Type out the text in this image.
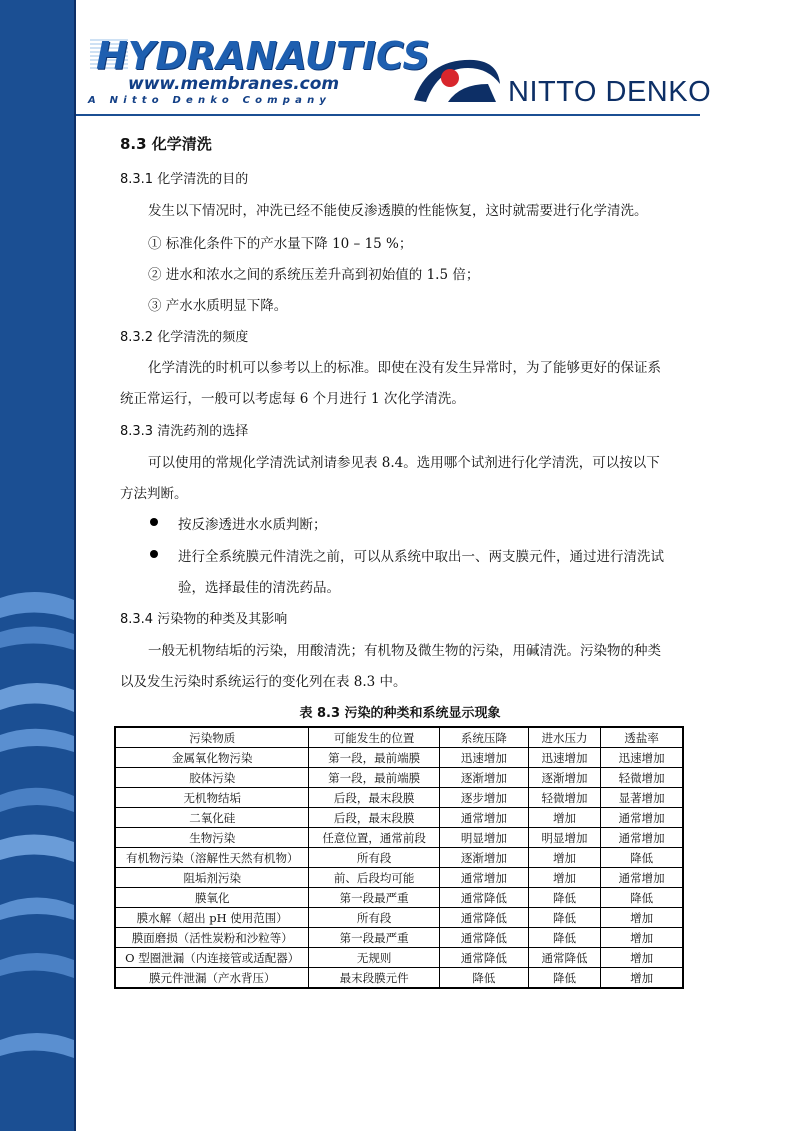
HYDRANAUTICS
www.membranes.com
A Nitto Denko Company	NITTO DENKO
8.3 化学清洗
8.3.1 化学清洗的目的
发生以下情况时，冲洗已经不能使反渗透膜的性能恢复，这时就需要进行化学清洗。
① 标准化条件下的产水量下降 10 – 15 %；
② 进水和浓水之间的系统压差升高到初始值的 1.5 倍；
③ 产水水质明显下降。
8.3.2 化学清洗的频度
化学清洗的时机可以参考以上的标准。即使在没有发生异常时，为了能够更好的保证系
统正常运行，一般可以考虑每 6 个月进行 1 次化学清洗。
8.3.3 清洗药剂的选择
可以使用的常规化学清洗试剂请参见表 8.4。选用哪个试剂进行化学清洗，可以按以下
方法判断。
按反渗透进水水质判断；
进行全系统膜元件清洗之前，可以从系统中取出一、两支膜元件，通过进行清洗试
验，选择最佳的清洗药品。
8.3.4 污染物的种类及其影响
一般无机物结垢的污染，用酸清洗；有机物及微生物的污染，用碱清洗。污染物的种类
以及发生污染时系统运行的变化列在表 8.3 中。
表 8.3 污染的种类和系统显示现象
污染物质	可能发生的位置	系统压降	进水压力	透盐率
金属氧化物污染	第一段，最前端膜	迅速增加	迅速增加	迅速增加
胶体污染	第一段，最前端膜	逐渐增加	逐渐增加	轻微增加
无机物结垢	后段，最末段膜	逐步增加	轻微增加	显著增加
二氧化硅	后段，最末段膜	通常增加	增加	通常增加
生物污染	任意位置，通常前段	明显增加	明显增加	通常增加
有机物污染（溶解性天然有机物）	所有段	逐渐增加	增加	降低
阻垢剂污染	前、后段均可能	通常增加	增加	通常增加
膜氧化	第一段最严重	通常降低	降低	降低
膜水解（超出 pH 使用范围）	所有段	通常降低	降低	增加
膜面磨损（活性炭粉和沙粒等）	第一段最严重	通常降低	降低	增加
O 型圈泄漏（内连接管或适配器）	无规则	通常降低	通常降低	增加
膜元件泄漏（产水背压）	最末段膜元件	降低	降低	增加
